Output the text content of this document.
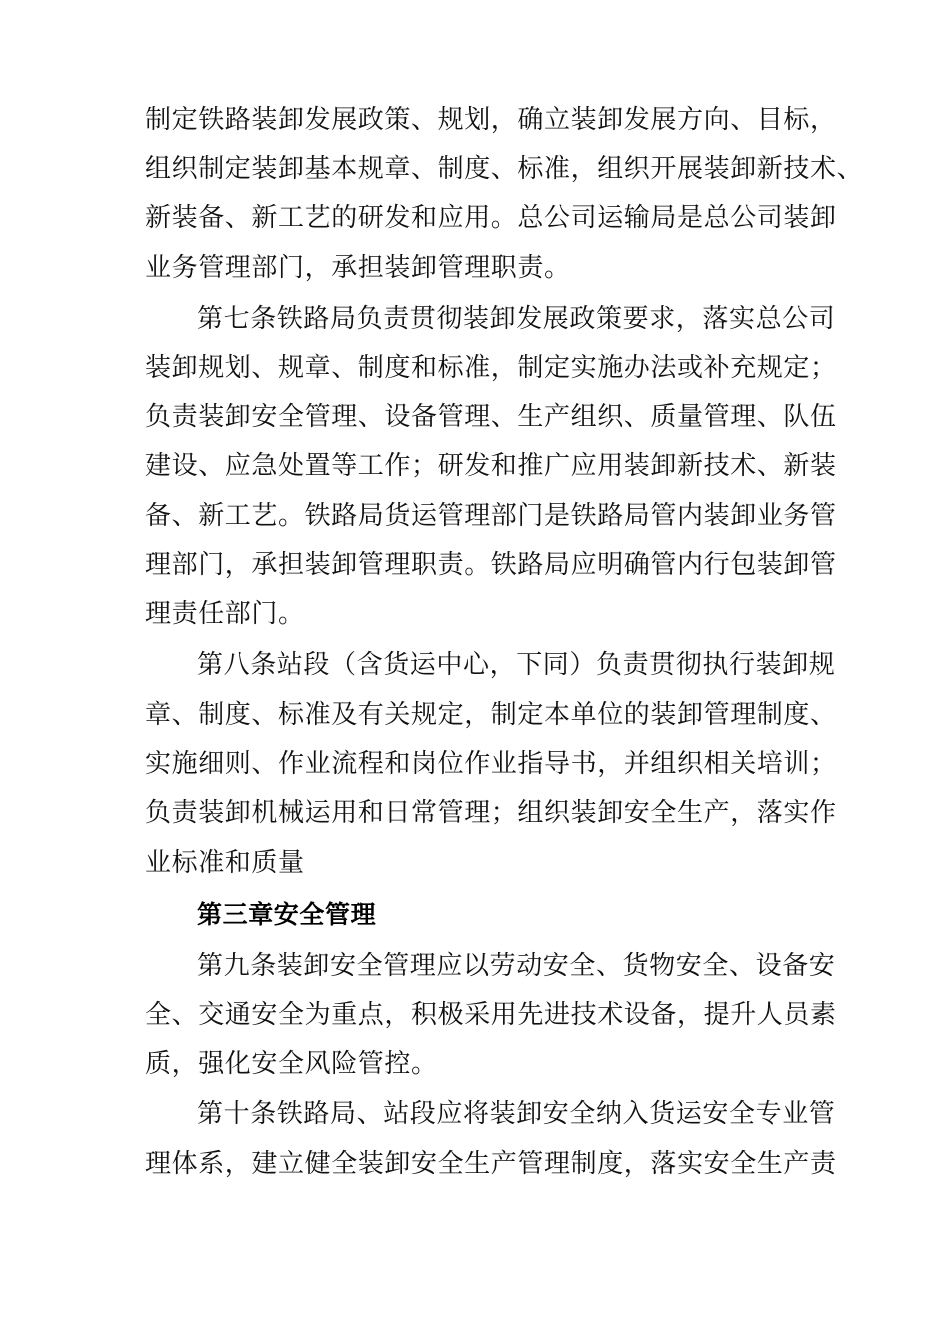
制定铁路装卸发展政策、规划，确立装卸发展方向、目标，
组织制定装卸基本规章、制度、标准，组织开展装卸新技术、
新装备、新工艺的研发和应用。总公司运输局是总公司装卸
业务管理部门，承担装卸管理职责。
第七条铁路局负责贯彻装卸发展政策要求，落实总公司
装卸规划、规章、制度和标准，制定实施办法或补充规定；
负责装卸安全管理、设备管理、生产组织、质量管理、队伍
建设、应急处置等工作；研发和推广应用装卸新技术、新装
备、新工艺。铁路局货运管理部门是铁路局管内装卸业务管
理部门，承担装卸管理职责。铁路局应明确管内行包装卸管
理责任部门。
第八条站段（含货运中心，下同）负责贯彻执行装卸规
章、制度、标准及有关规定，制定本单位的装卸管理制度、
实施细则、作业流程和岗位作业指导书，并组织相关培训；
负责装卸机械运用和日常管理；组织装卸安全生产，落实作
业标准和质量
第三章安全管理
第九条装卸安全管理应以劳动安全、货物安全、设备安
全、交通安全为重点，积极采用先进技术设备，提升人员素
质，强化安全风险管控。
第十条铁路局、站段应将装卸安全纳入货运安全专业管
理体系，建立健全装卸安全生产管理制度，落实安全生产责
